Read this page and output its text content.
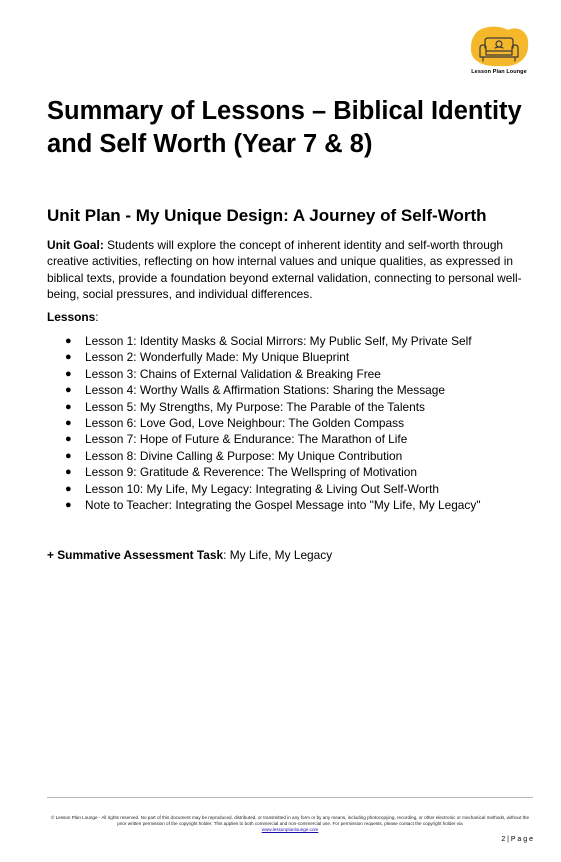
Lesson Plan Lounge
Summary of Lessons – Biblical Identity and Self Worth (Year 7 & 8)
Unit Plan - My Unique Design: A Journey of Self-Worth

Unit Goal: Students will explore the concept of inherent identity and self-worth through creative activities, reflecting on how internal values and unique qualities, as expressed in biblical texts, provide a foundation beyond external validation, connecting to personal well-being, social pressures, and individual differences.

Lessons:

● Lesson 1: Identity Masks & Social Mirrors: My Public Self, My Private Self
● Lesson 2: Wonderfully Made: My Unique Blueprint
● Lesson 3: Chains of External Validation & Breaking Free
● Lesson 4: Worthy Walls & Affirmation Stations: Sharing the Message
● Lesson 5: My Strengths, My Purpose: The Parable of the Talents
● Lesson 6: Love God, Love Neighbour: The Golden Compass
● Lesson 7: Hope of Future & Endurance: The Marathon of Life
● Lesson 8: Divine Calling & Purpose: My Unique Contribution
● Lesson 9: Gratitude & Reverence: The Wellspring of Motivation
● Lesson 10: My Life, My Legacy: Integrating & Living Out Self-Worth
● Note to Teacher: Integrating the Gospel Message into "My Life, My Legacy"

+ Summative Assessment Task: My Life, My Legacy

© Lesson Plan Lounge - All rights reserved. No part of this document may be reproduced, distributed, or transmitted in any form or by any means, including photocopying, recording, or other electronic or mechanical methods, without the prior written permission of the copyright holder. This applies to both commercial and non-commercial use. For permission requests, please contact the copyright holder via
www.lessonplanlounge.com
2 | P a g e
